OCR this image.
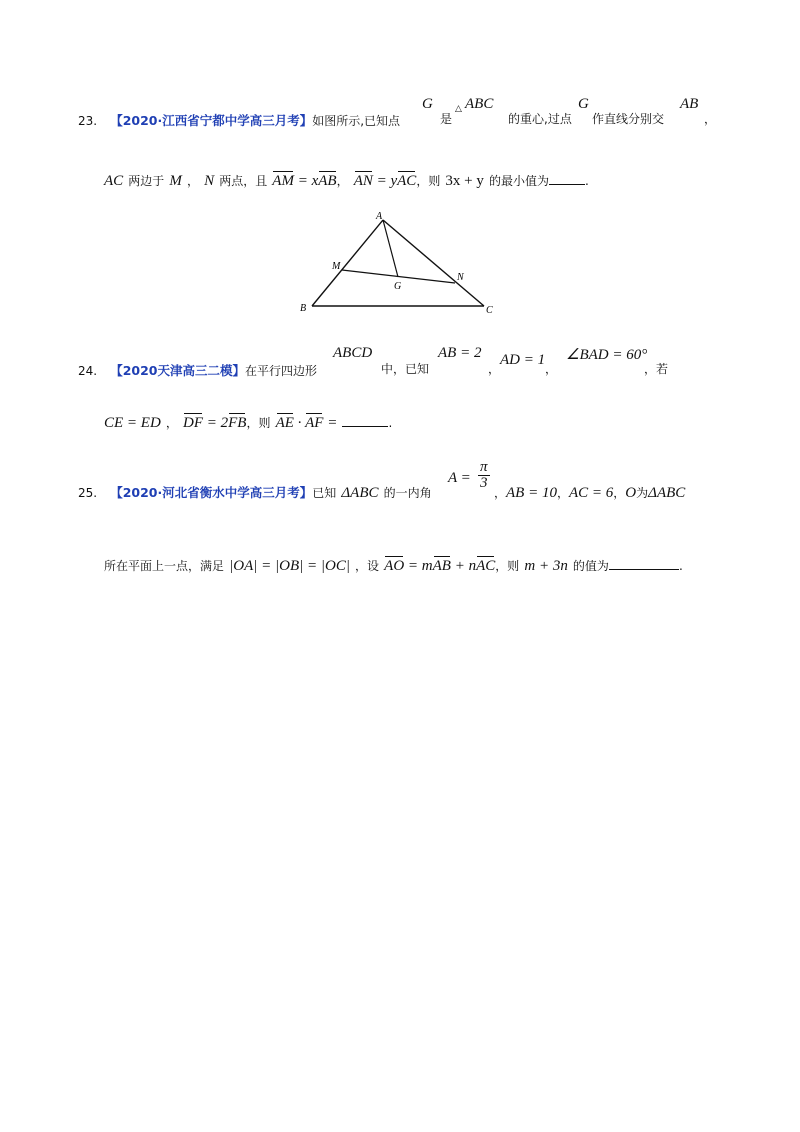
23. 【2020·江西省宁都中学高三月考】如图所示,已知点
G
是
△ ABC
的重心,过点
G
作直线分别交
AB
，
AC 两边于 M ， N 两点，且 AM = xAB， AN = yAC，则 3x + y 的最小值为	.
A
B	C
M
N
G
24. 【2020天津高三二模】在平行四边形
ABCD
中，已知
AB = 2
，
AD = 1
，
∠BAD = 60°
，若
CE = ED ， DF = 2FB，则 AE · AF =	.
25. 【2020·河北省衡水中学高三月考】已知 ΔABC 的一内角
$A = \frac{\pi}{3}$
，AB = 10，AC = 6，O为ΔABC
所在平面上一点，满足 |OA| = |OB| = |OC| ，设 AO = mAB + nAC，则 m + 3n 的值为	.
